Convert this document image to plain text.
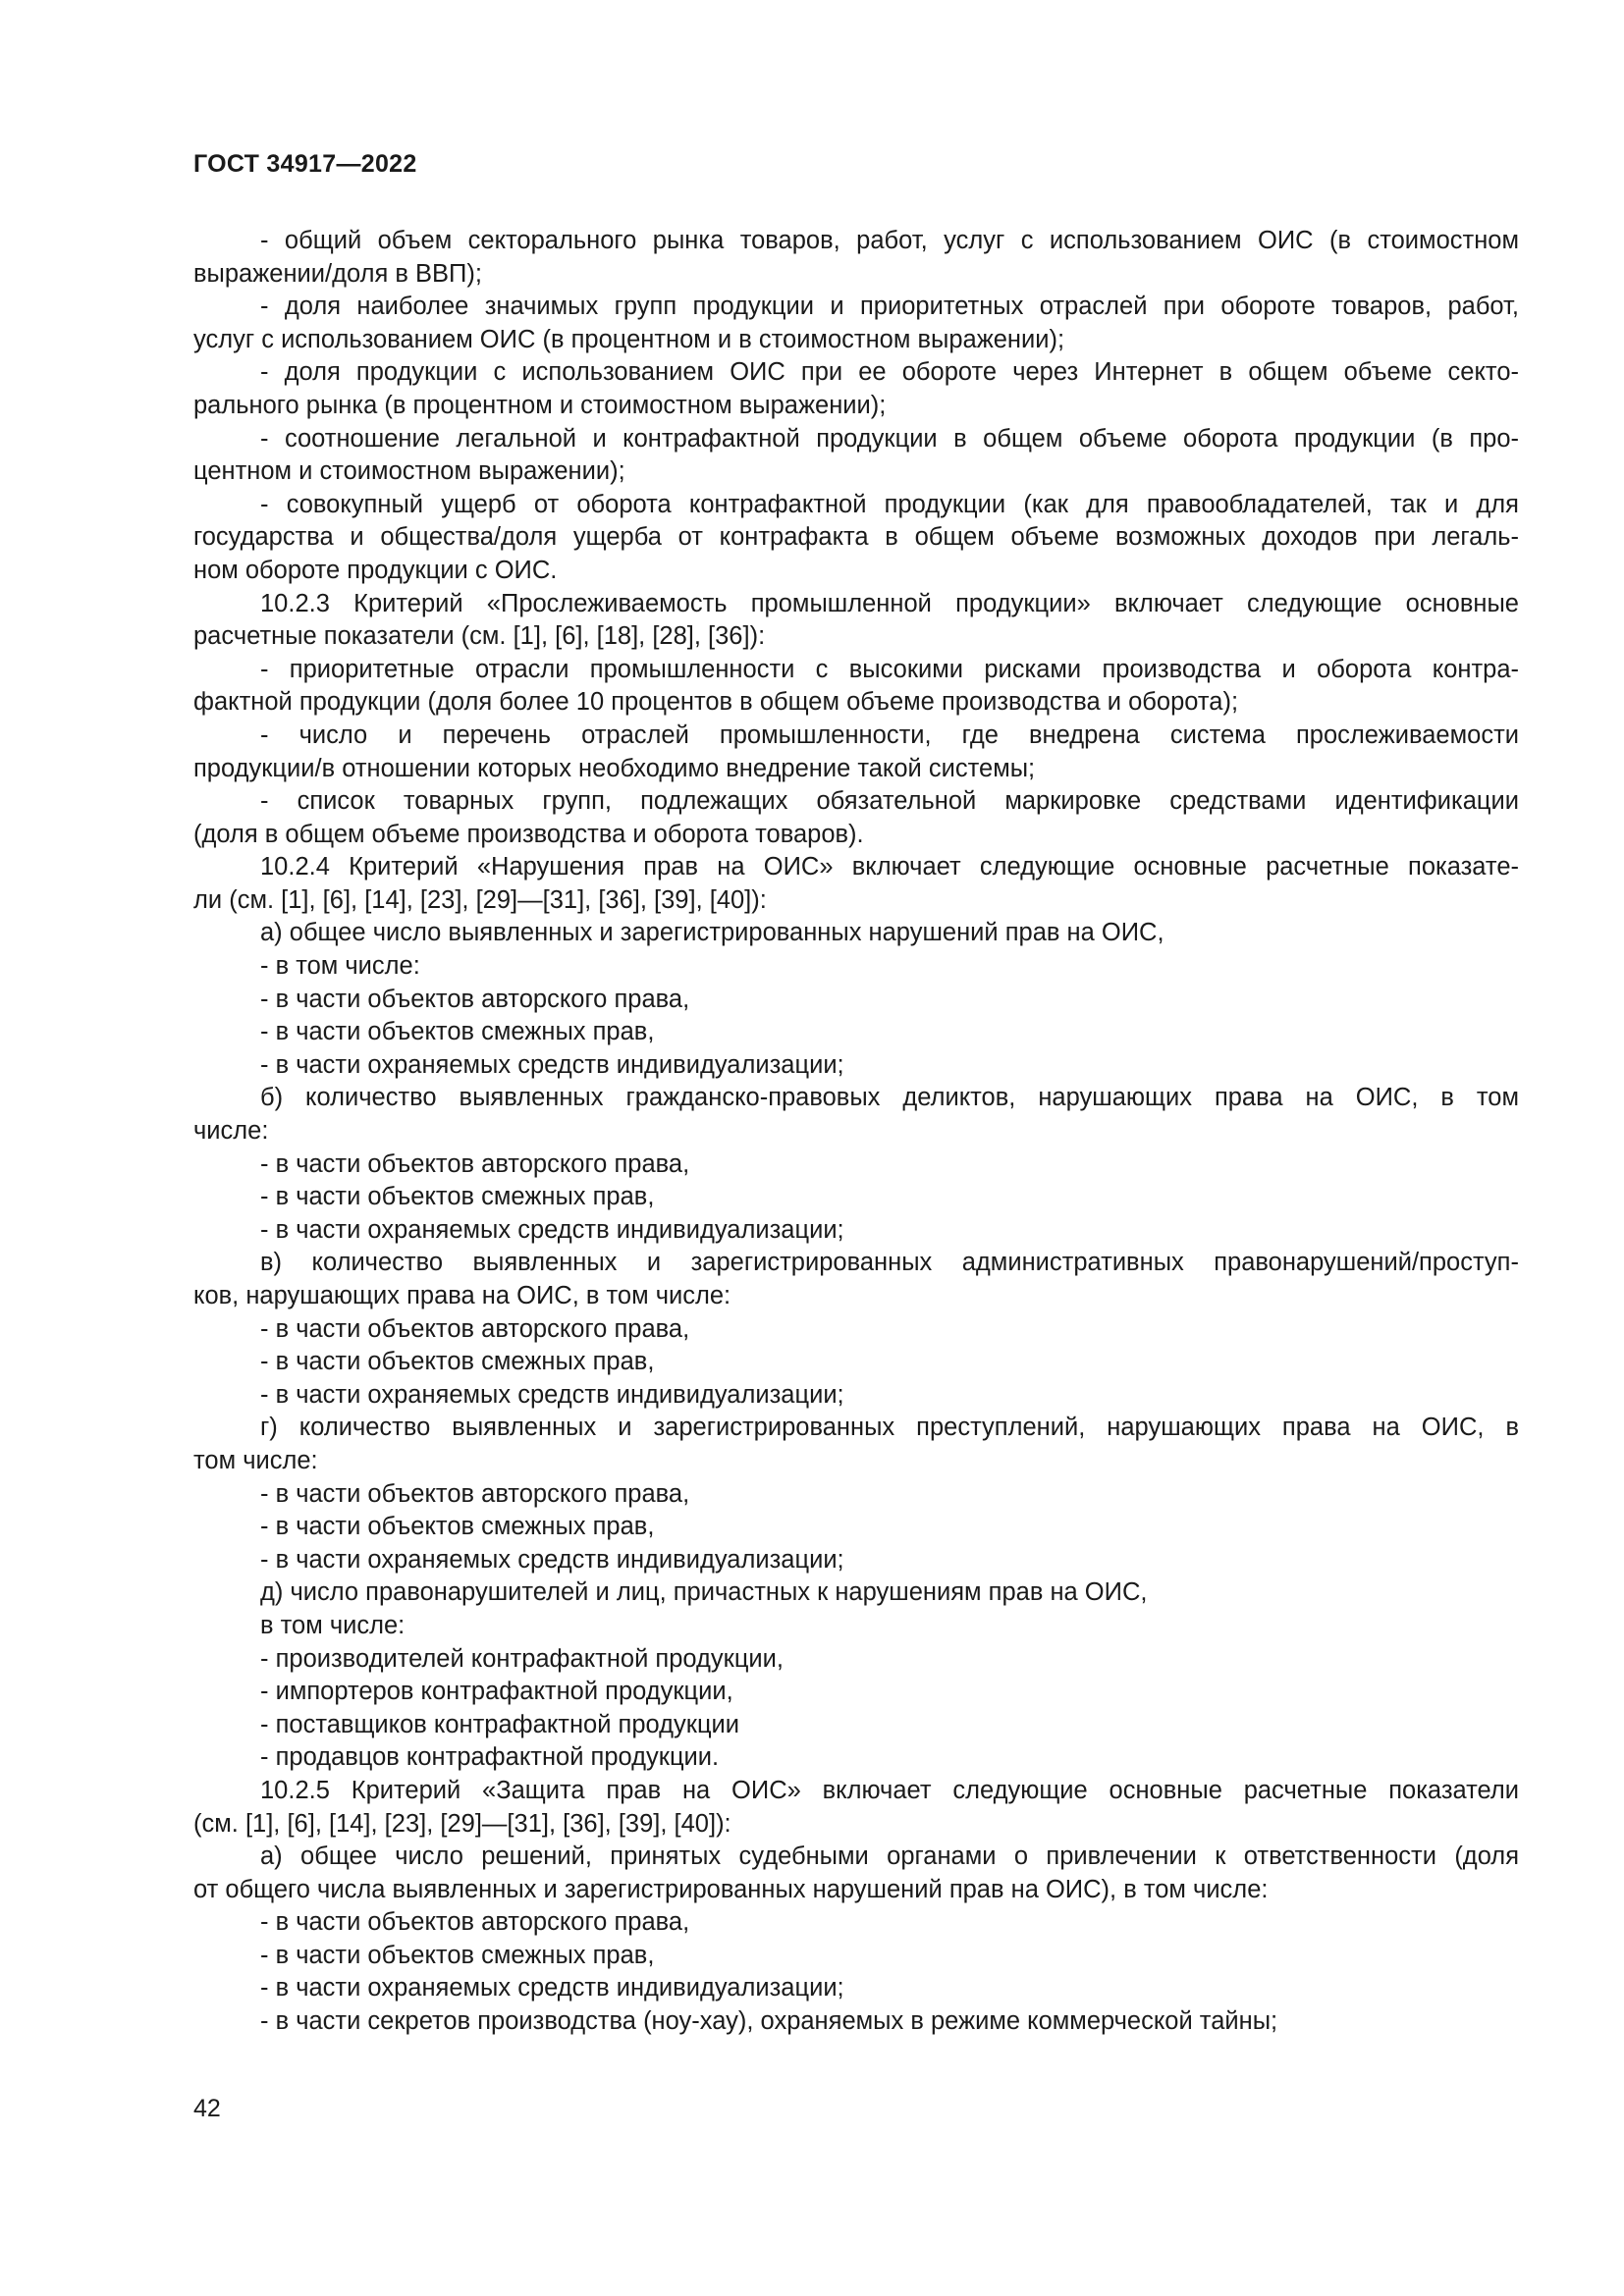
ГОСТ 34917—2022
- общий объем секторального рынка товаров, работ, услуг с использованием ОИС (в стоимостном
выражении/доля в ВВП);
- доля наиболее значимых групп продукции и приоритетных отраслей при обороте товаров, работ,
услуг с использованием ОИС (в процентном и в стоимостном выражении);
- доля продукции с использованием ОИС при ее обороте через Интернет в общем объеме секто-
рального рынка (в процентном и стоимостном выражении);
- соотношение легальной и контрафактной продукции в общем объеме оборота продукции (в про-
центном и стоимостном выражении);
- совокупный ущерб от оборота контрафактной продукции (как для правообладателей, так и для
государства и общества/доля ущерба от контрафакта в общем объеме возможных доходов при легаль-
ном обороте продукции с ОИС.
10.2.3 Критерий «Прослеживаемость промышленной продукции» включает следующие основные
расчетные показатели (см. [1], [6], [18], [28], [36]):
- приоритетные отрасли промышленности с высокими рисками производства и оборота контра-
фактной продукции (доля более 10 процентов в общем объеме производства и оборота);
- число и перечень отраслей промышленности, где внедрена система прослеживаемости
продукции/в отношении которых необходимо внедрение такой системы;
- список товарных групп, подлежащих обязательной маркировке средствами идентификации
(доля в общем объеме производства и оборота товаров).
10.2.4 Критерий «Нарушения прав на ОИС» включает следующие основные расчетные показате-
ли (см. [1], [6], [14], [23], [29]—[31], [36], [39], [40]):
а) общее число выявленных и зарегистрированных нарушений прав на ОИС,
- в том числе:
- в части объектов авторского права,
- в части объектов смежных прав,
- в части охраняемых средств индивидуализации;
б) количество выявленных гражданско-правовых деликтов, нарушающих права на ОИС, в том
числе:
- в части объектов авторского права,
- в части объектов смежных прав,
- в части охраняемых средств индивидуализации;
в) количество выявленных и зарегистрированных административных правонарушений/проступ-
ков, нарушающих права на ОИС, в том числе:
- в части объектов авторского права,
- в части объектов смежных прав,
- в части охраняемых средств индивидуализации;
г) количество выявленных и зарегистрированных преступлений, нарушающих права на ОИС, в
том числе:
- в части объектов авторского права,
- в части объектов смежных прав,
- в части охраняемых средств индивидуализации;
д) число правонарушителей и лиц, причастных к нарушениям прав на ОИС,
в том числе:
- производителей контрафактной продукции,
- импортеров контрафактной продукции,
- поставщиков контрафактной продукции
- продавцов контрафактной продукции.
10.2.5 Критерий «Защита прав на ОИС» включает следующие основные расчетные показатели
(см. [1], [6], [14], [23], [29]—[31], [36], [39], [40]):
а) общее число решений, принятых судебными органами о привлечении к ответственности (доля
от общего числа выявленных и зарегистрированных нарушений прав на ОИС), в том числе:
- в части объектов авторского права,
- в части объектов смежных прав,
- в части охраняемых средств индивидуализации;
- в части секретов производства (ноу-хау), охраняемых в режиме коммерческой тайны;
42
